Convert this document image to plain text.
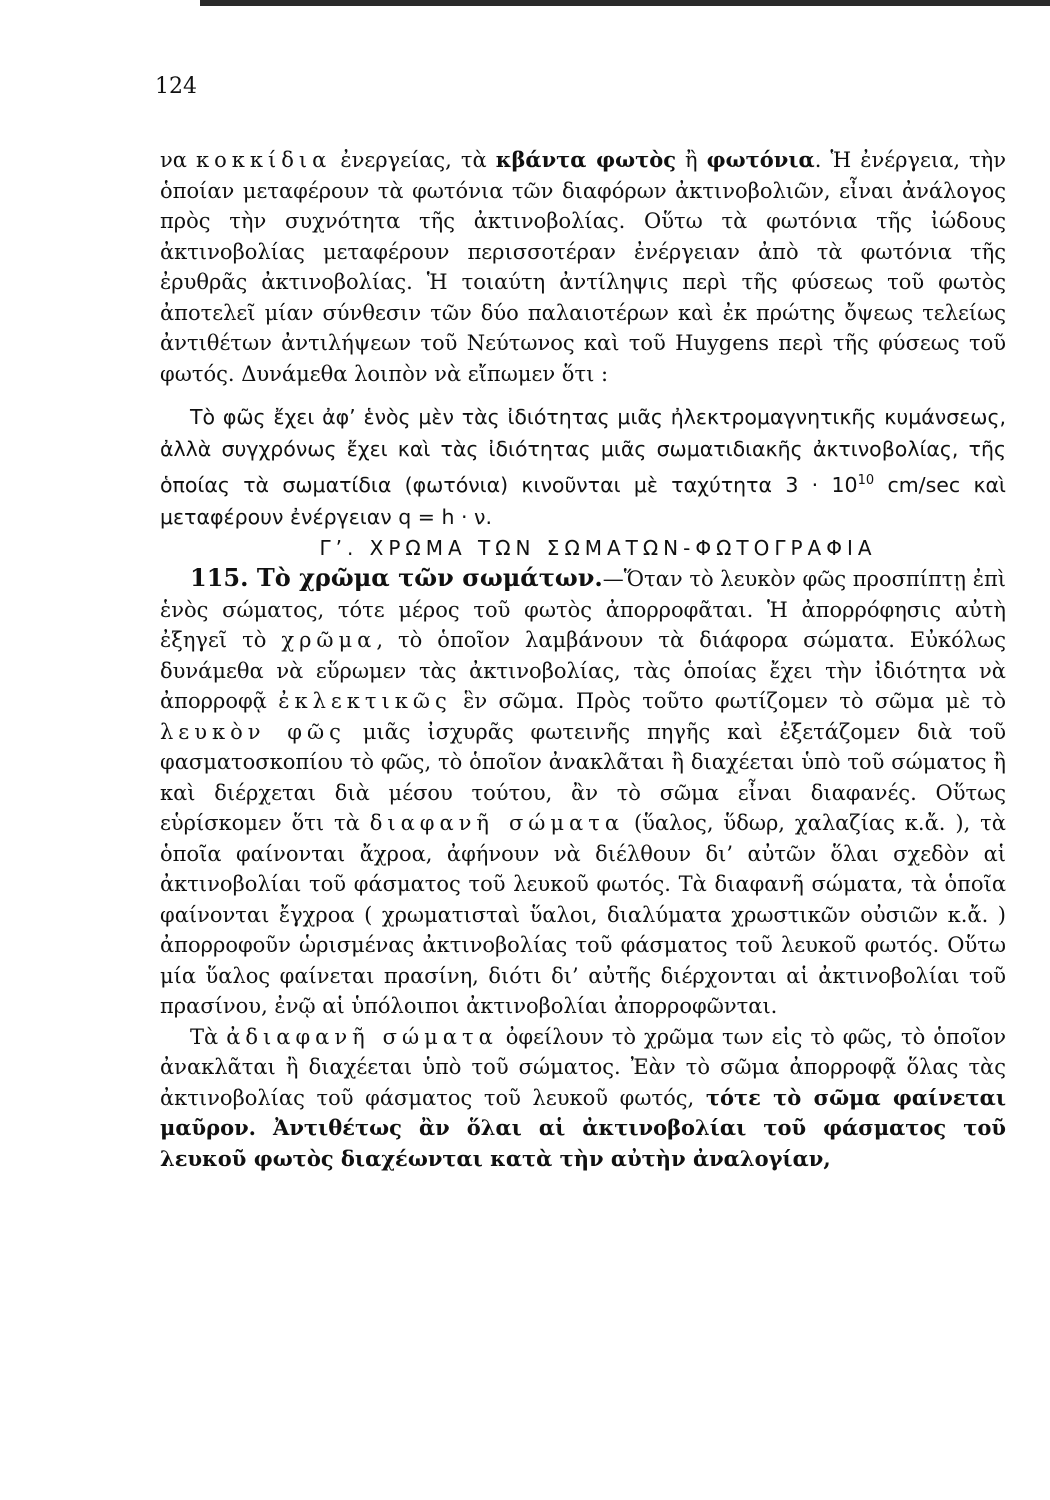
124

να κοκκίδια ἐνεργείας, τὰ κβάντα φωτὸς ἢ φωτόνια. Ἡ ἐνέργεια, τὴν ὁποίαν μεταφέρουν τὰ φωτόνια τῶν διαφόρων ἀκτινοβολιῶν, εἶναι ἀνάλογος πρὸς τὴν συχνότητα τῆς ἀκτινοβολίας. Οὕτω τὰ φωτόνια τῆς ἰώδους ἀκτινοβολίας μεταφέρουν περισσοτέραν ἐνέργειαν ἀπὸ τὰ φωτόνια τῆς ἐρυθρᾶς ἀκτινοβολίας. Ἡ τοιαύτη ἀντίληψις περὶ τῆς φύσεως τοῦ φωτὸς ἀποτελεῖ μίαν σύνθεσιν τῶν δύο παλαιοτέρων καὶ ἐκ πρώτης ὄψεως τελείως ἀντιθέτων ἀντιλήψεων τοῦ Νεύτωνος καὶ τοῦ Huygens περὶ τῆς φύσεως τοῦ φωτός. Δυνάμεθα λοιπὸν νὰ εἴπωμεν ὅτι :

Τὸ φῶς ἔχει ἀφ’ ἑνὸς μὲν τὰς ἰδιότητας μιᾶς ἠλεκτρομαγνητικῆς κυμάνσεως, ἀλλὰ συγχρόνως ἔχει καὶ τὰς ἰδιότητας μιᾶς σωματιδιακῆς ἀκτινοβολίας, τῆς ὁποίας τὰ σωματίδια (φωτόνια) κινοῦνται μὲ ταχύτητα $3 \cdot 10^{10}$ cm/sec καὶ μεταφέρουν ἐνέργειαν q = h · ν.

Γ’. ΧΡΩΜΑ ΤΩΝ ΣΩΜΑΤΩΝ-ΦΩΤΟΓΡΑΦΙΑ

115. Τὸ χρῶμα τῶν σωμάτων.—Ὅταν τὸ λευκὸν φῶς προσπίπτῃ ἐπὶ ἑνὸς σώματος, τότε μέρος τοῦ φωτὸς ἀπορροφᾶται. Ἡ ἀπορρόφησις αὐτὴ ἐξηγεῖ τὸ χρῶμα, τὸ ὁποῖον λαμβάνουν τὰ διάφορα σώματα. Εὐκόλως δυνάμεθα νὰ εὕρωμεν τὰς ἀκτινοβολίας, τὰς ὁποίας ἔχει τὴν ἰδιότητα νὰ ἀπορροφᾷ ἐκλεκτικῶς ἓν σῶμα. Πρὸς τοῦτο φωτίζομεν τὸ σῶμα μὲ τὸ λευκὸν φῶς μιᾶς ἰσχυρᾶς φωτεινῆς πηγῆς καὶ ἐξετάζομεν διὰ τοῦ φασματοσκοπίου τὸ φῶς, τὸ ὁποῖον ἀνακλᾶται ἢ διαχέεται ὑπὸ τοῦ σώματος ἢ καὶ διέρχεται διὰ μέσου τούτου, ἂν τὸ σῶμα εἶναι διαφανές. Οὕτως εὑρίσκομεν ὅτι τὰ διαφανῆ σώματα (ὕαλος, ὕδωρ, χαλαζίας κ.ἄ. ), τὰ ὁποῖα φαίνονται ἄχροα, ἀφήνουν νὰ διέλθουν δι’ αὐτῶν ὅλαι σχεδὸν αἱ ἀκτινοβολίαι τοῦ φάσματος τοῦ λευκοῦ φωτός. Τὰ διαφανῆ σώματα, τὰ ὁποῖα φαίνονται ἔγχροα ( χρωματισταὶ ὕαλοι, διαλύματα χρωστικῶν οὐσιῶν κ.ἄ. ) ἀπορροφοῦν ὡρισμένας ἀκτινοβολίας τοῦ φάσματος τοῦ λευκοῦ φωτός. Οὕτω μία ὕαλος φαίνεται πρασίνη, διότι δι’ αὐτῆς διέρχονται αἱ ἀκτινοβολίαι τοῦ πρασίνου, ἐνῷ αἱ ὑπόλοιποι ἀκτινοβολίαι ἀπορροφῶνται.

Τὰ ἀδιαφανῆ σώματα ὀφείλουν τὸ χρῶμα των εἰς τὸ φῶς, τὸ ὁποῖον ἀνακλᾶται ἢ διαχέεται ὑπὸ τοῦ σώματος. Ἐὰν τὸ σῶμα ἀπορροφᾷ ὅλας τὰς ἀκτινοβολίας τοῦ φάσματος τοῦ λευκοῦ φωτός, τότε τὸ σῶμα φαίνεται μαῦρον. Ἀντιθέτως ἂν ὅλαι αἱ ἀκτινοβολίαι τοῦ φάσματος τοῦ λευκοῦ φωτὸς διαχέωνται κατὰ τὴν αὐτὴν ἀναλογίαν,
